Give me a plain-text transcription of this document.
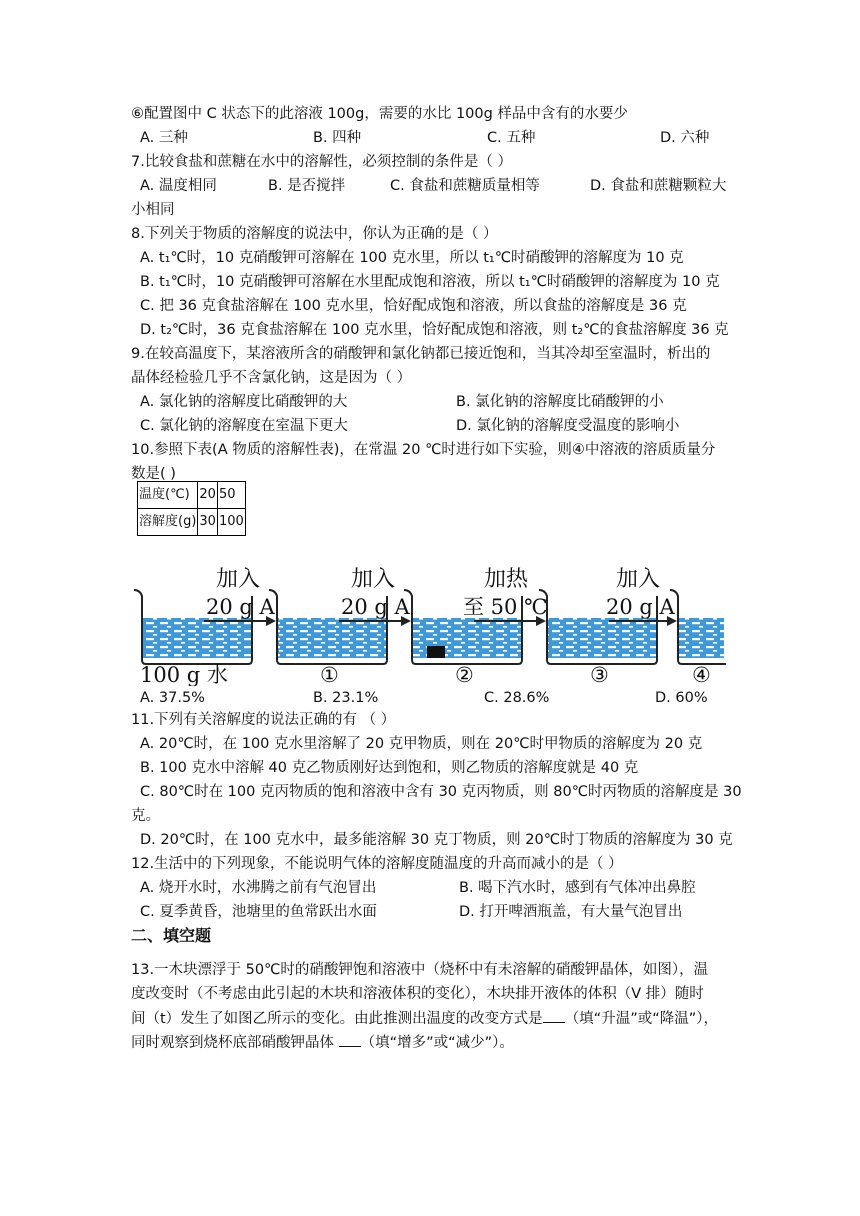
⑥配置图中 C 状态下的此溶液 100g，需要的水比 100g 样品中含有的水要少
A. 三种	B. 四种	C. 五种	D. 六种
7.比较食盐和蔗糖在水中的溶解性，必须控制的条件是（ ）
A. 温度相同	B. 是否搅拌	C. 食盐和蔗糖质量相等	D. 食盐和蔗糖颗粒大
小相同
8.下列关于物质的溶解度的说法中，你认为正确的是（ ）
A. t₁℃时，10 克硝酸钾可溶解在 100 克水里，所以 t₁℃时硝酸钾的溶解度为 10 克
B. t₁℃时，10 克硝酸钾可溶解在水里配成饱和溶液，所以 t₁℃时硝酸钾的溶解度为 10 克
C. 把 36 克食盐溶解在 100 克水里，恰好配成饱和溶液，所以食盐的溶解度是 36 克
D. t₂℃时，36 克食盐溶解在 100 克水里，恰好配成饱和溶液，则 t₂℃的食盐溶解度 36 克
9.在较高温度下，某溶液所含的硝酸钾和氯化钠都已接近饱和，当其冷却至室温时，析出的
晶体经检验几乎不含氯化钠，这是因为（ ）
A. 氯化钠的溶解度比硝酸钾的大	B. 氯化钠的溶解度比硝酸钾的小
C. 氯化钠的溶解度在室温下更大	D. 氯化钠的溶解度受温度的影响小
10.参照下表(A 物质的溶解性表)，在常温 20 ℃时进行如下实验，则④中溶液的溶质质量分
数是( )
温度(℃)	20	50
溶解度(g)	30	100
加入
20 g A
加入
20 g A
加热
至 50 ℃
加入
20 g A
100 g 水	①	②	③	④
A. 37.5%	B. 23.1%	C. 28.6%	D. 60%
11.下列有关溶解度的说法正确的有 （ ）
A. 20℃时，在 100 克水里溶解了 20 克甲物质，则在 20℃时甲物质的溶解度为 20 克
B. 100 克水中溶解 40 克乙物质刚好达到饱和，则乙物质的溶解度就是 40 克
C. 80℃时在 100 克丙物质的饱和溶液中含有 30 克丙物质，则 80℃时丙物质的溶解度是 30
克。
D. 20℃时，在 100 克水中，最多能溶解 30 克丁物质，则 20℃时丁物质的溶解度为 30 克
12.生活中的下列现象，不能说明气体的溶解度随温度的升高而减小的是（ ）
A. 烧开水时，水沸腾之前有气泡冒出	B. 喝下汽水时，感到有气体冲出鼻腔
C. 夏季黄昏，池塘里的鱼常跃出水面	D. 打开啤酒瓶盖，有大量气泡冒出
二、填空题
13.一木块漂浮于 50℃时的硝酸钾饱和溶液中（烧杯中有未溶解的硝酸钾晶体，如图），温
度改变时（不考虑由此引起的木块和溶液体积的变化），木块排开液体的体积（V 排）随时
间（t）发生了如图乙所示的变化。由此推测出温度的改变方式是 （填“升温”或“降温”），
同时观察到烧杯底部硝酸钾晶体 （填“增多”或“减少”）。
